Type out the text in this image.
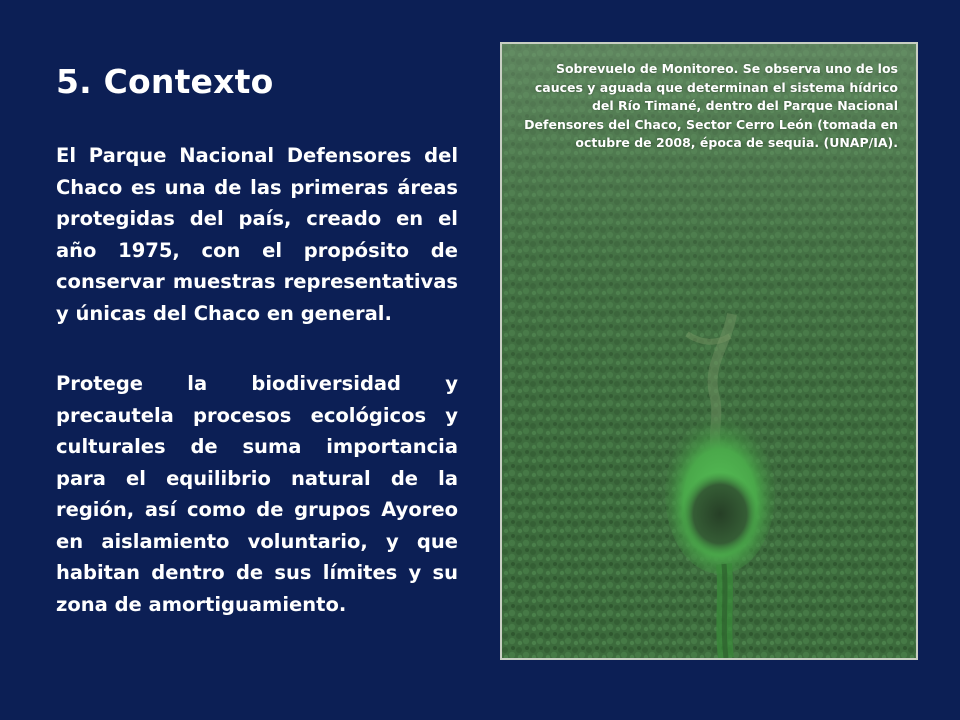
5. Contexto

El Parque Nacional Defensores del Chaco es una de las primeras áreas protegidas del país, creado en el año 1975, con el propósito de conservar muestras representativas y únicas del Chaco en general.

Protege la biodiversidad y precautela procesos ecológicos y culturales de suma importancia para el equilibrio natural de la región, así como de grupos Ayoreo en aislamiento voluntario, y que habitan dentro de sus límites y su zona de amortiguamiento.

Sobrevuelo de Monitoreo. Se observa uno de los cauces y aguada que determinan el sistema hídrico del Río Timané, dentro del Parque Nacional Defensores del Chaco, Sector Cerro León (tomada en octubre de 2008, época de sequia. (UNAP/IA).
